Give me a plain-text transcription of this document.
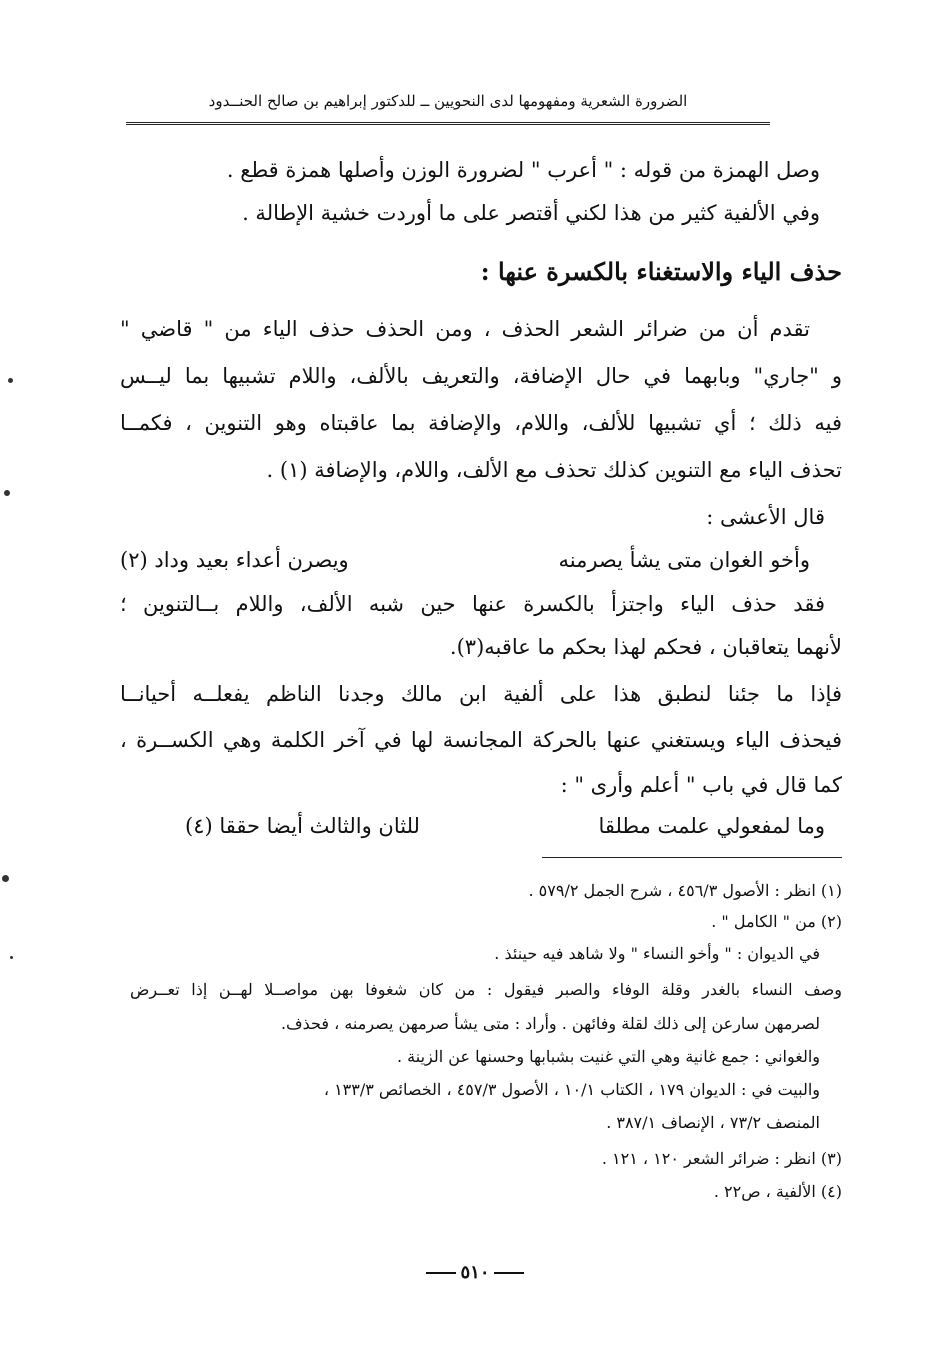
الضرورة الشعرية ومفهومها لدى النحويين ــ للدكتور إبراهيم بن صالح الحنــدود
وصل الهمزة من قوله : " أعرب " لضرورة الوزن وأصلها همزة قطع .
وفي الألفية كثير من هذا لكني أقتصر على ما أوردت خشية الإطالة .
حذف الياء والاستغناء بالكسرة عنها :
تقدم أن من ضرائر الشعر الحذف ، ومن الحذف حذف الياء من " قاضي "
و "جاري" وبابهما في حال الإضافة، والتعريف بالألف، واللام تشبيها بما ليــس
فيه ذلك ؛ أي تشبيها للألف، واللام، والإضافة بما عاقبتاه وهو التنوين ، فكمــا
تحذف الياء مع التنوين كذلك تحذف مع الألف، واللام، والإضافة (١) .
قال الأعشى :
وأخو الغوان متى يشأ يصرمنه
ويصرن أعداء بعيد وداد (٢)
فقد حذف الياء واجتزأ بالكسرة عنها حين شبه الألف، واللام بــالتنوين ؛
لأنهما يتعاقبان ، فحكم لهذا بحكم ما عاقبه(٣).
فإذا ما جئنا لنطبق هذا على ألفية ابن مالك وجدنا الناظم يفعلــه أحيانــا
فيحذف الياء ويستغني عنها بالحركة المجانسة لها في آخر الكلمة وهي الكســرة ،
كما قال في باب " أعلم وأرى " :
وما لمفعولي علمت مطلقا
للثان والثالث أيضا حققا (٤)
(١) انظر : الأصول ٤٥٦/٣ ، شرح الجمل ٥٧٩/٢ .
(٢) من " الكامل " .
في الديوان : " وأخو النساء " ولا شاهد فيه حينئذ .
وصف النساء بالغدر وقلة الوفاء والصبر فيقول : من كان شغوفا بهن مواصــلا لهــن إذا تعــرض
لصرمهن سارعن إلى ذلك لقلة وفائهن . وأراد : متى يشأ صرمهن يصرمنه ، فحذف.
والغواني : جمع غانية وهي التي غنيت بشبابها وحسنها عن الزينة .
والبيت في : الديوان ١٧٩ ، الكتاب ١٠/١ ، الأصول ٤٥٧/٣ ، الخصائص ١٣٣/٣ ،
المنصف ٧٣/٢ ، الإنصاف ٣٨٧/١ .
(٣) انظر : ضرائر الشعر ١٢٠ ، ١٢١ .
(٤) الألفية ، ص٢٢ .
٥١٠
